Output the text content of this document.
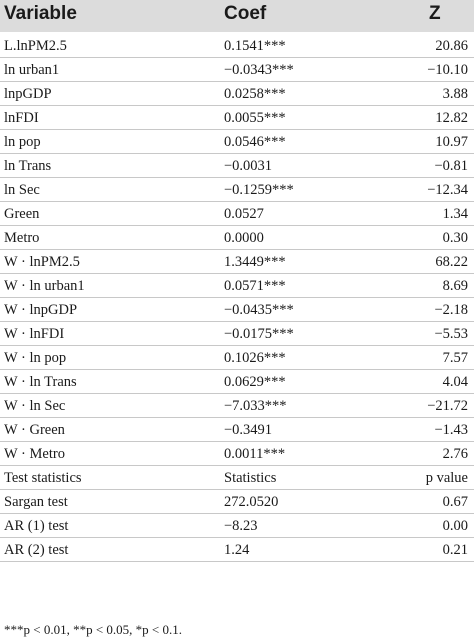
Variable	Coef	Z
L.lnPM2.5	0.1541***	20.86
ln urban1	−0.0343***	−10.10
lnpGDP	0.0258***	3.88
lnFDI	0.0055***	12.82
ln pop	0.0546***	10.97
ln Trans	−0.0031	−0.81
ln Sec	−0.1259***	−12.34
Green	0.0527	1.34
Metro	0.0000	0.30
W · lnPM2.5	1.3449***	68.22
W · ln urban1	0.0571***	8.69
W · lnpGDP	−0.0435***	−2.18
W · lnFDI	−0.0175***	−5.53
W · ln pop	0.1026***	7.57
W · ln Trans	0.0629***	4.04
W · ln Sec	−7.033***	−21.72
W · Green	−0.3491	−1.43
W · Metro	0.0011***	2.76
Test statistics	Statistics	p value
Sargan test	272.0520	0.67
AR (1) test	−8.23	0.00
AR (2) test	1.24	0.21
***p < 0.01, **p < 0.05, *p < 0.1.
